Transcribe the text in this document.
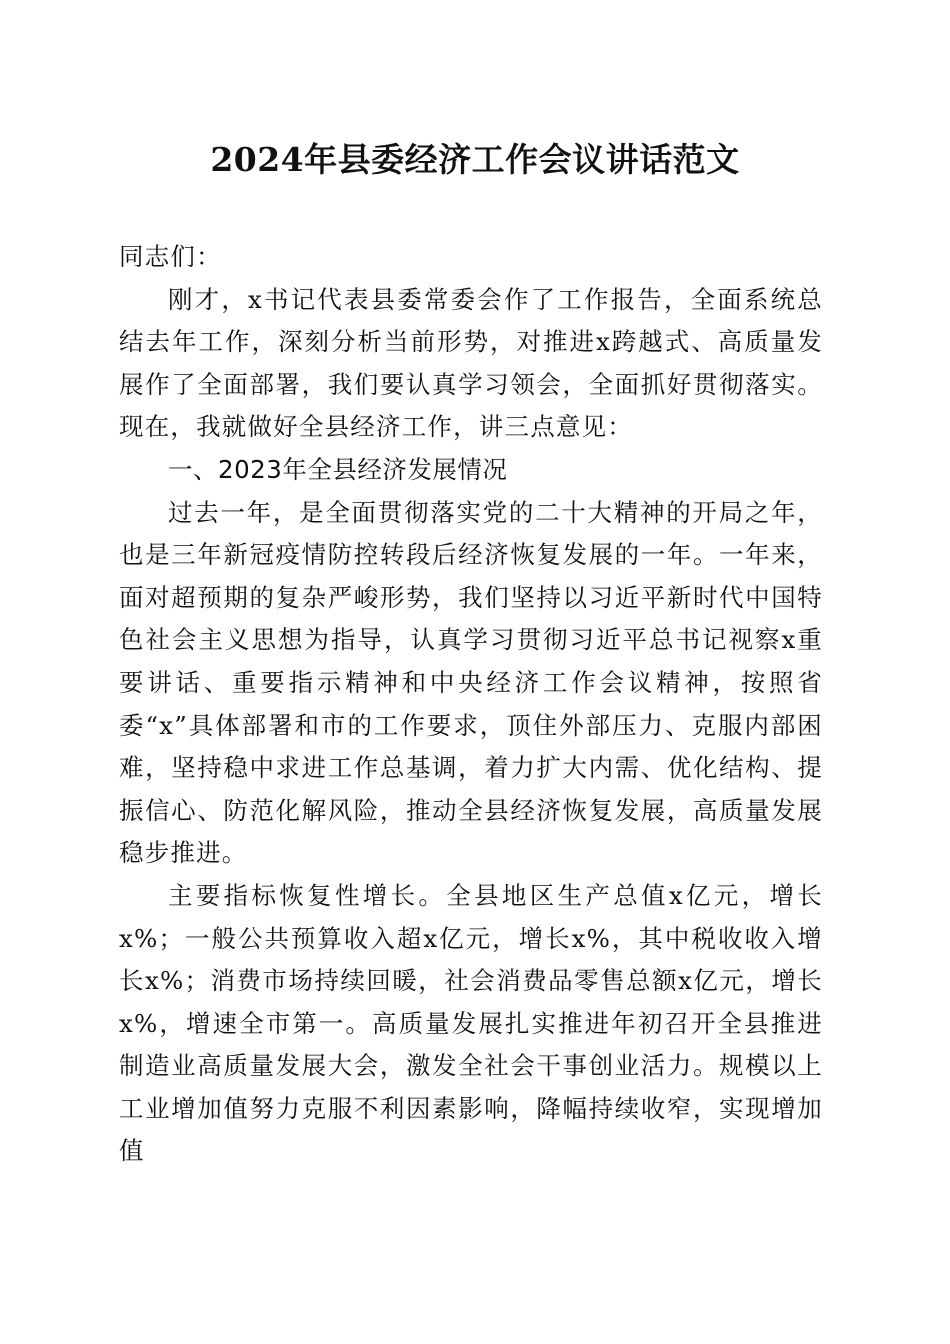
2024年县委经济工作会议讲话范文

同志们：

刚才，x书记代表县委常委会作了工作报告，全面系统总结去年工作，深刻分析当前形势，对推进x跨越式、高质量发展作了全面部署，我们要认真学习领会，全面抓好贯彻落实。现在，我就做好全县经济工作，讲三点意见：

一、2023年全县经济发展情况

过去一年，是全面贯彻落实党的二十大精神的开局之年，也是三年新冠疫情防控转段后经济恢复发展的一年。一年来，面对超预期的复杂严峻形势，我们坚持以习近平新时代中国特色社会主义思想为指导，认真学习贯彻习近平总书记视察x重要讲话、重要指示精神和中央经济工作会议精神，按照省委“x”具体部署和市的工作要求，顶住外部压力、克服内部困难，坚持稳中求进工作总基调，着力扩大内需、优化结构、提振信心、防范化解风险，推动全县经济恢复发展，高质量发展稳步推进。

主要指标恢复性增长。全县地区生产总值x亿元，增长x%；一般公共预算收入超x亿元，增长x%，其中税收收入增长x%；消费市场持续回暖，社会消费品零售总额x亿元，增长x%，增速全市第一。高质量发展扎实推进年初召开全县推进制造业高质量发展大会，激发全社会干事创业活力。规模以上工业增加值努力克服不利因素影响，降幅持续收窄，实现增加值
